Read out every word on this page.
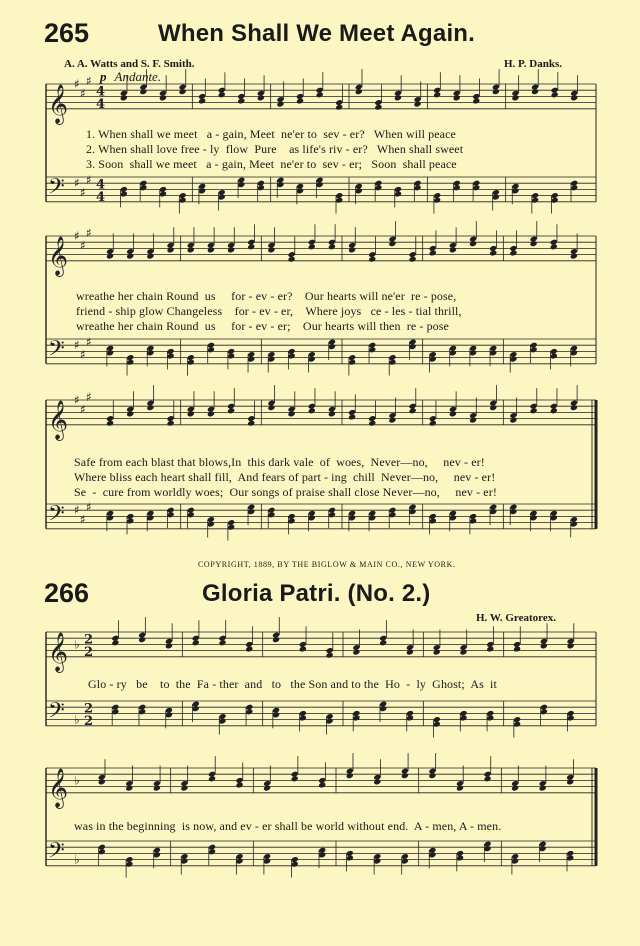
265	When Shall We Meet Again.
A. A. Watts and S. F. Smith.	H. P. Danks.
p Andante.
𝄞
𝄢
♯
♯
♯
♯
♯
♯
4
4
4
4
1. When shall we meet   a - gain, Meet  ne'er to  sev - er?   When will peace
2. When shall love free - ly  flow  Pure    as life's riv - er?   When shall sweet
3. Soon  shall we meet   a - gain, Meet  ne'er to  sev - er;   Soon  shall peace
𝄞
𝄢
♯
♯
♯
♯
♯
♯
wreathe her chain Round  us     for - ev - er?    Our hearts will ne'er  re - pose,
friend - ship glow Changeless    for - ev - er,    Where joys   ce - les - tial thrill,
wreathe her chain Round  us     for - ev - er;    Our hearts will then  re - pose
𝄞
𝄢
♯
♯
♯
♯
♯
♯
Safe from each blast that blows,In  this dark vale  of  woes,  Never—no,     nev - er!
Where bliss each heart shall fill,  And fears of part - ing  chill  Never—no,     nev - er!
Se  -  cure from worldly woes;  Our songs of praise shall close Never—no,     nev - er!
COPYRIGHT, 1889, BY THE BIGLOW & MAIN CO., NEW YORK.
266	Gloria Patri. (No. 2.)
H. W. Greatorex.
𝄞
𝄢
♭
♭
2
2
2
2
Glo - ry   be    to  the  Fa - ther  and   to   the Son and to the  Ho  -  ly  Ghost;  As  it
𝄞
𝄢
♭
♭
was in the beginning  is now, and ev - er shall be world without end.  A - men, A - men.
